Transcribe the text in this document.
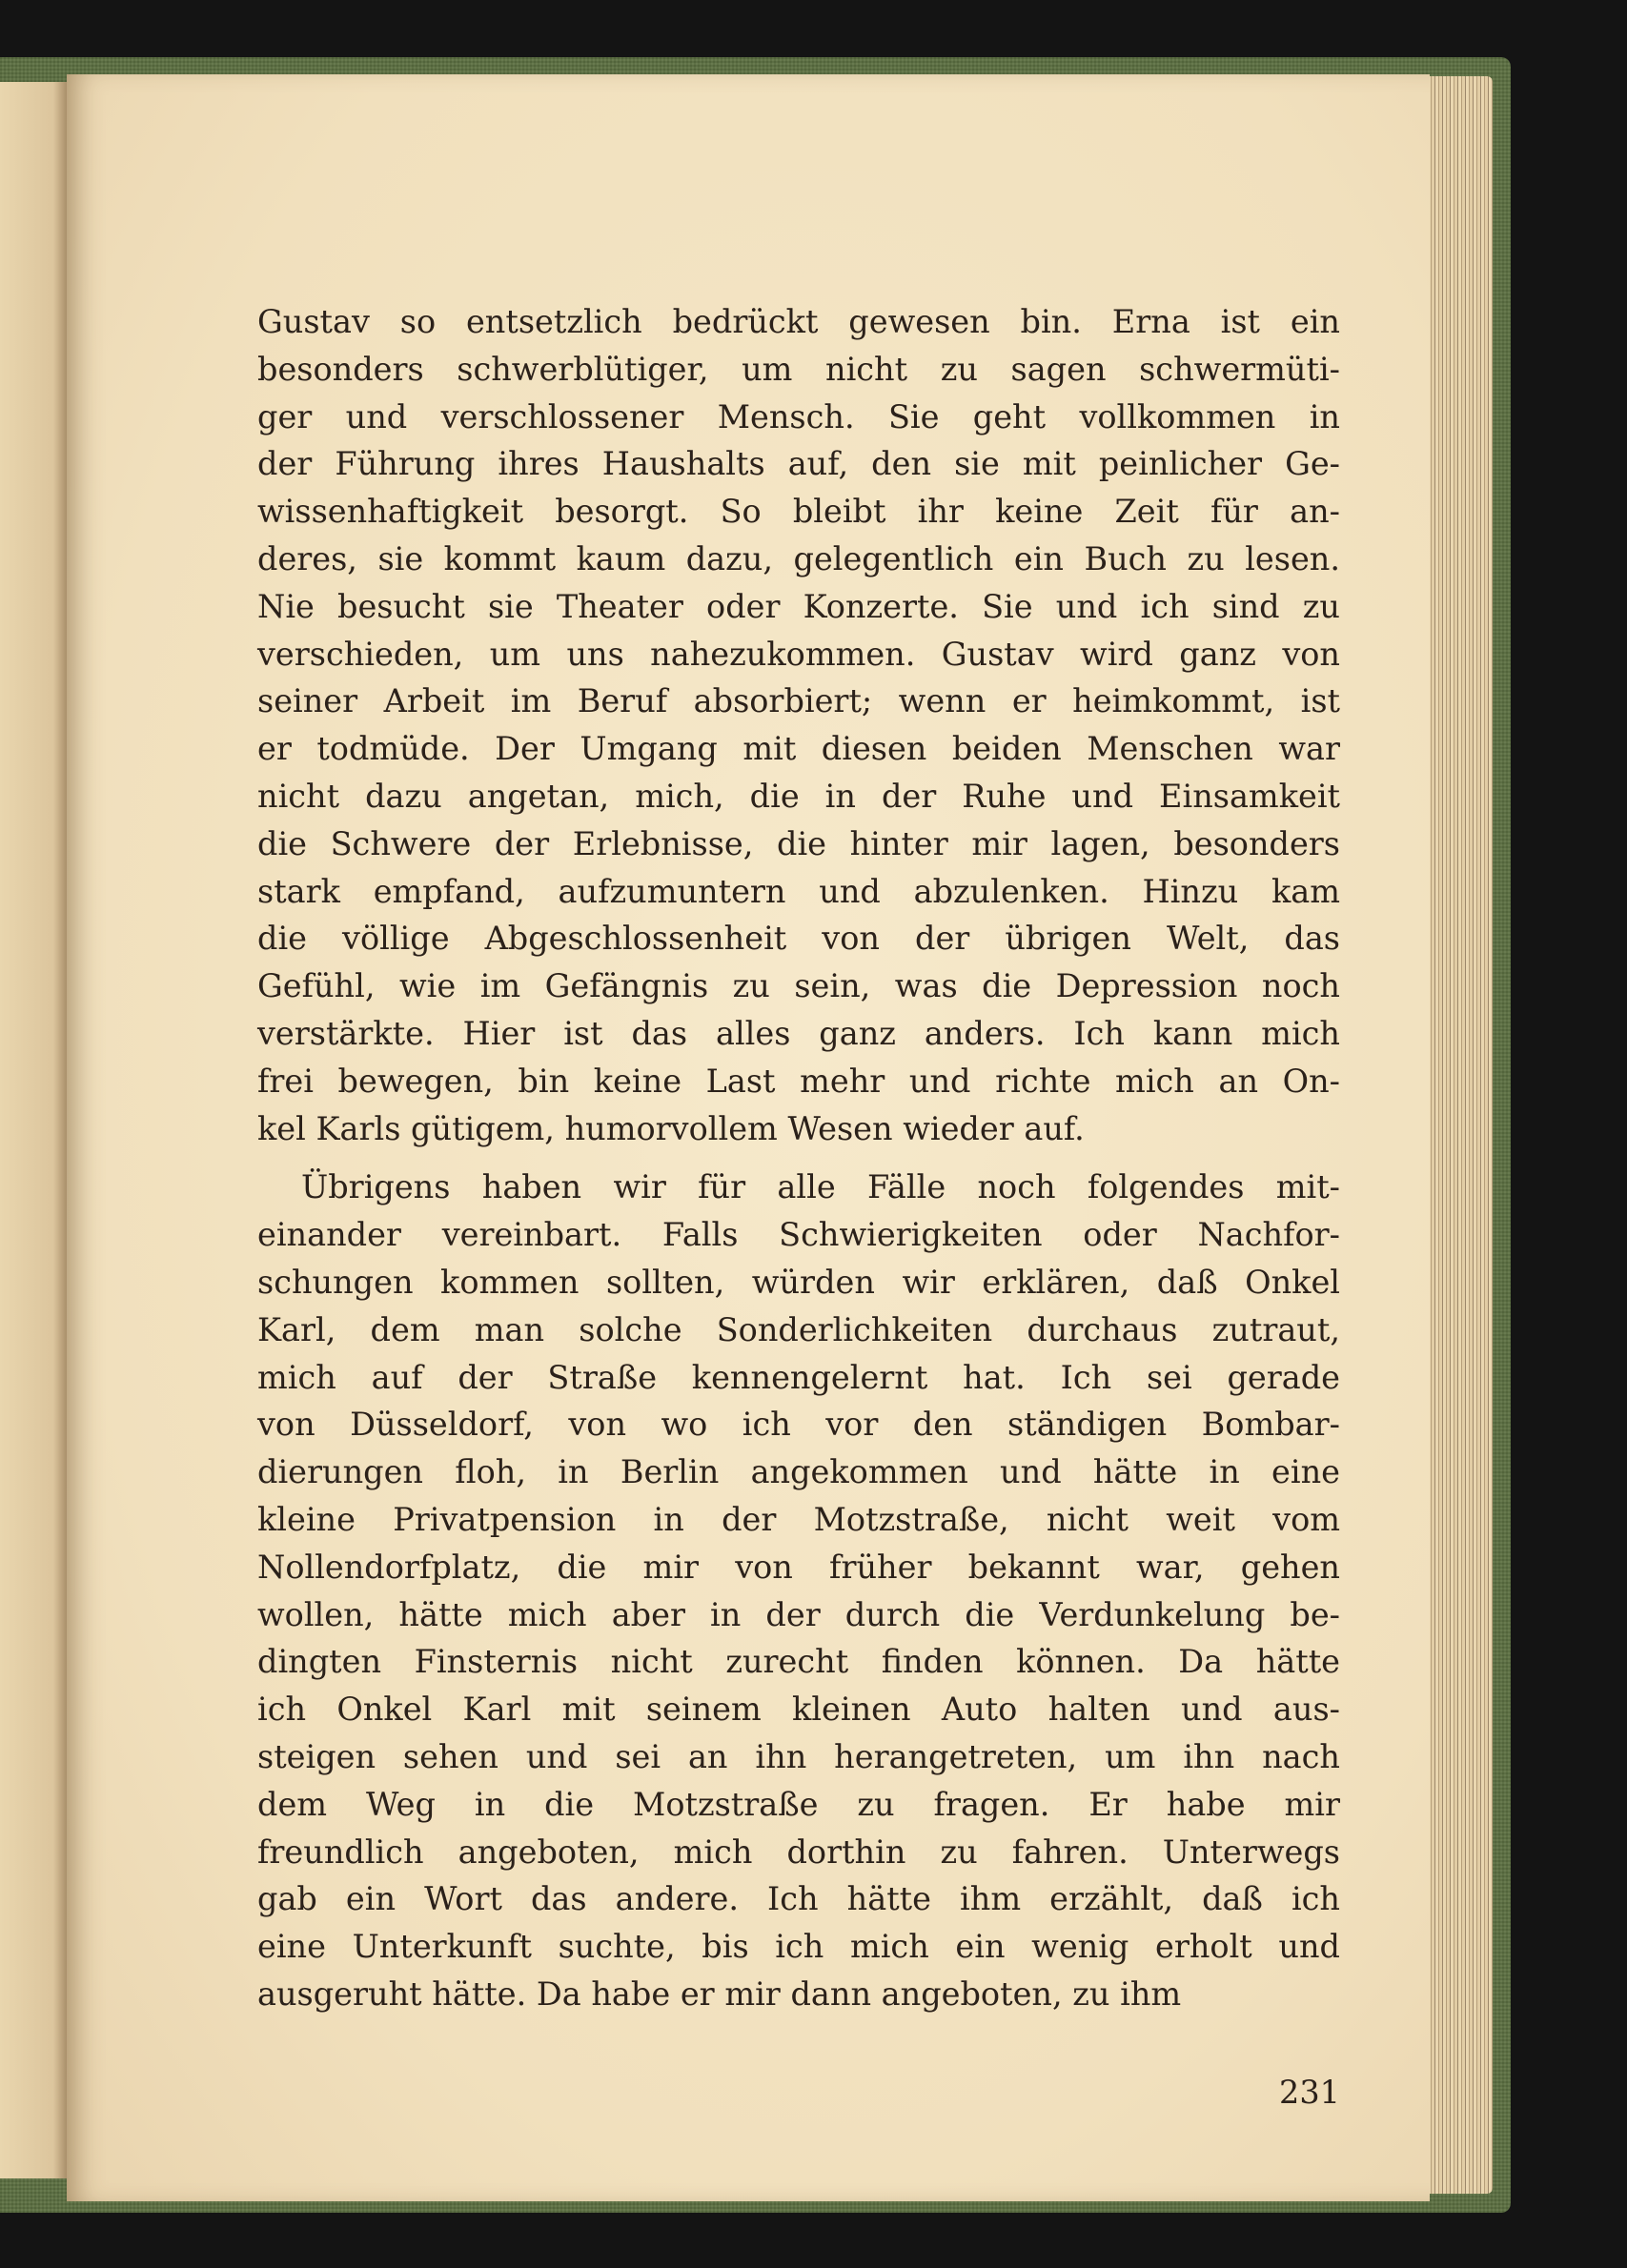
Gustav so entsetzlich bedrückt gewesen bin. Erna ist ein
besonders schwerblütiger, um nicht zu sagen schwermüti-
ger und verschlossener Mensch. Sie geht vollkommen in
der Führung ihres Haushalts auf, den sie mit peinlicher Ge-
wissenhaftigkeit besorgt. So bleibt ihr keine Zeit für an-
deres, sie kommt kaum dazu, gelegentlich ein Buch zu lesen.
Nie besucht sie Theater oder Konzerte. Sie und ich sind zu
verschieden, um uns nahezukommen. Gustav wird ganz von
seiner Arbeit im Beruf absorbiert; wenn er heimkommt, ist
er todmüde. Der Umgang mit diesen beiden Menschen war
nicht dazu angetan, mich, die in der Ruhe und Einsamkeit
die Schwere der Erlebnisse, die hinter mir lagen, besonders
stark empfand, aufzumuntern und abzulenken. Hinzu kam
die völlige Abgeschlossenheit von der übrigen Welt, das
Gefühl, wie im Gefängnis zu sein, was die Depression noch
verstärkte. Hier ist das alles ganz anders. Ich kann mich
frei bewegen, bin keine Last mehr und richte mich an On-
kel Karls gütigem, humorvollem Wesen wieder auf.
Übrigens haben wir für alle Fälle noch folgendes mit-
einander vereinbart. Falls Schwierigkeiten oder Nachfor-
schungen kommen sollten, würden wir erklären, daß Onkel
Karl, dem man solche Sonderlichkeiten durchaus zutraut,
mich auf der Straße kennengelernt hat. Ich sei gerade
von Düsseldorf, von wo ich vor den ständigen Bombar-
dierungen floh, in Berlin angekommen und hätte in eine
kleine Privatpension in der Motzstraße, nicht weit vom
Nollendorfplatz, die mir von früher bekannt war, gehen
wollen, hätte mich aber in der durch die Verdunkelung be-
dingten Finsternis nicht zurecht finden können. Da hätte
ich Onkel Karl mit seinem kleinen Auto halten und aus-
steigen sehen und sei an ihn herangetreten, um ihn nach
dem Weg in die Motzstraße zu fragen. Er habe mir
freundlich angeboten, mich dorthin zu fahren. Unterwegs
gab ein Wort das andere. Ich hätte ihm erzählt, daß ich
eine Unterkunft suchte, bis ich mich ein wenig erholt und
ausgeruht hätte. Da habe er mir dann angeboten, zu ihm
231
